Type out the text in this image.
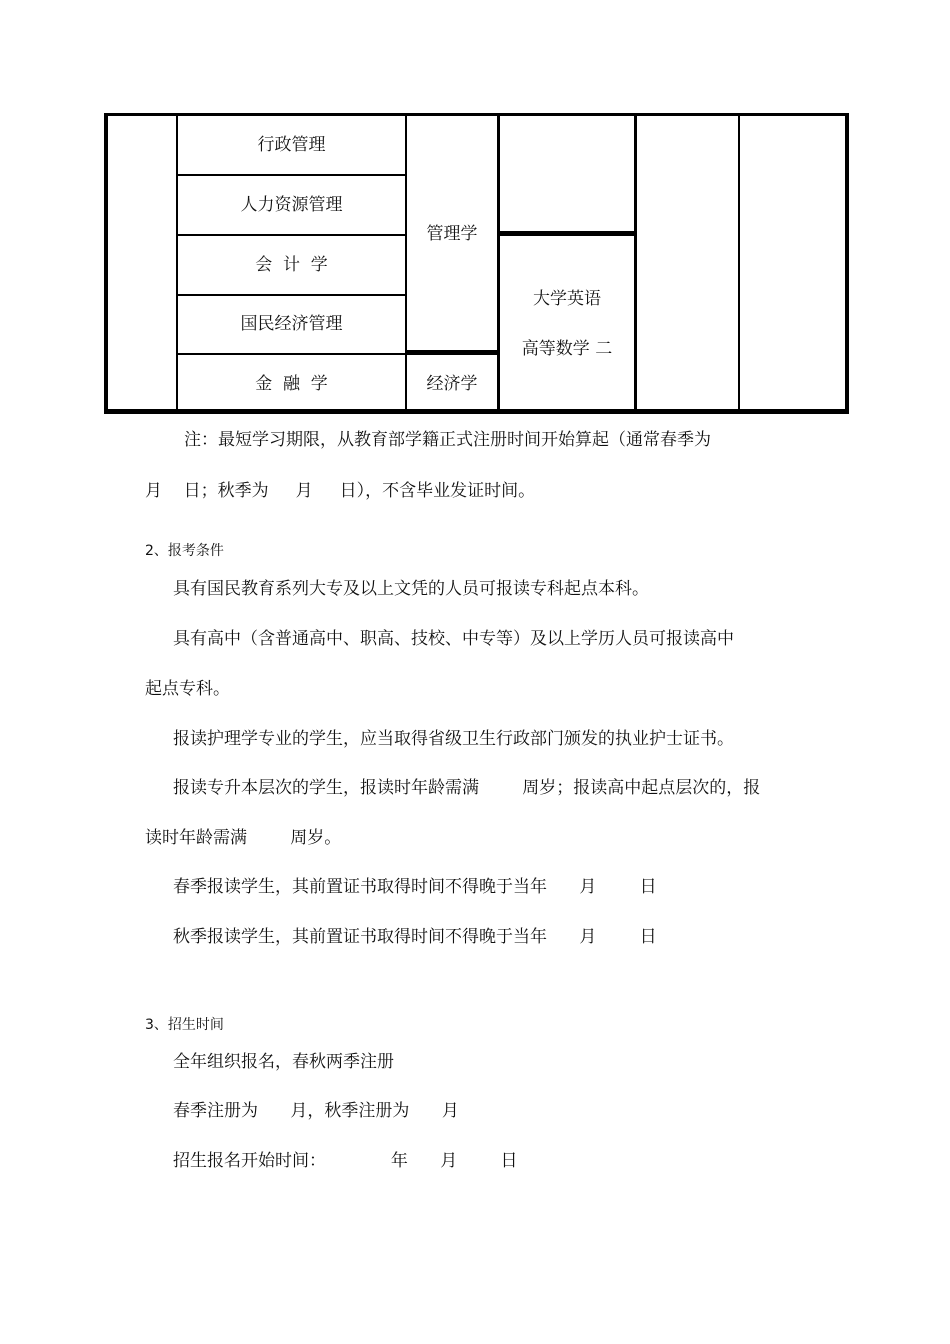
行政管理
人力资源管理
会  计  学
国民经济管理
金  融  学
管理学
经济学
大学英语
高等数学 二
注：最短学习期限，从教育部学籍正式注册时间开始算起（通常春季为
月    日；秋季为     月     日），不含毕业发证时间。
2、报考条件
具有国民教育系列大专及以上文凭的人员可报读专科起点本科。
具有高中（含普通高中、职高、技校、中专等）及以上学历人员可报读高中
起点专科。
报读护理学专业的学生，应当取得省级卫生行政部门颁发的执业护士证书。
报读专升本层次的学生，报读时年龄需满        周岁；报读高中起点层次的，报
读时年龄需满        周岁。
春季报读学生，其前置证书取得时间不得晚于当年      月        日
秋季报读学生，其前置证书取得时间不得晚于当年      月        日
3、招生时间
全年组织报名，春秋两季注册
春季注册为      月，秋季注册为      月
招生报名开始时间：            年      月        日
